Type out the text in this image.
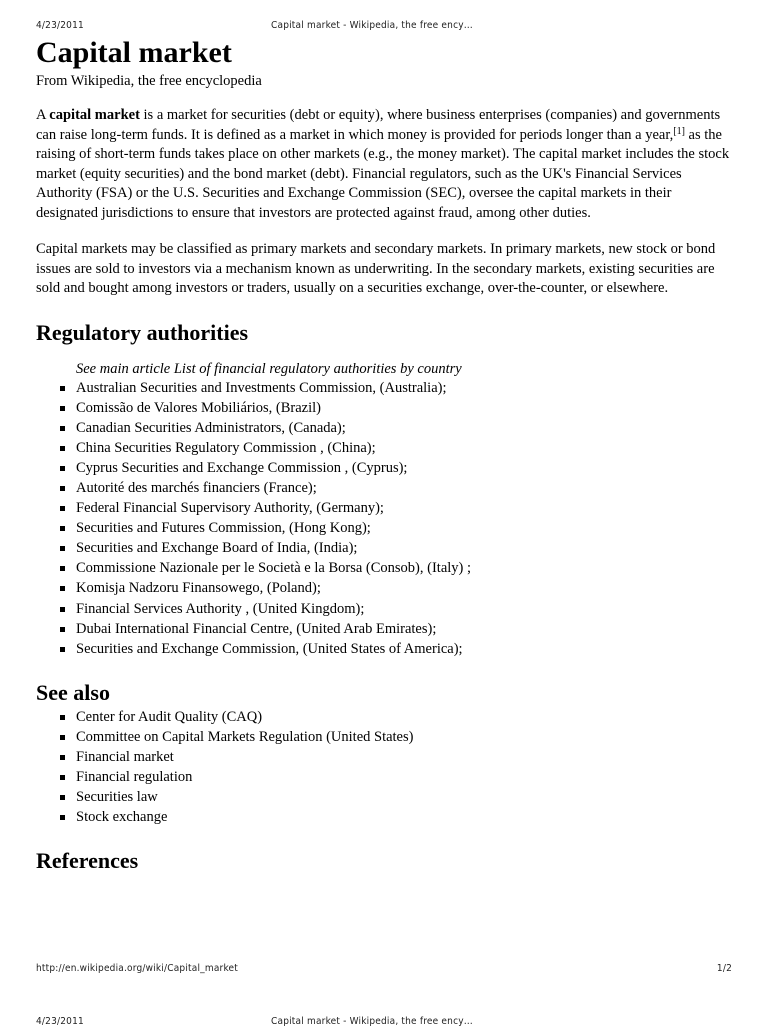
4/23/2011	Capital market - Wikipedia, the free ency…
Capital market
From Wikipedia, the free encyclopedia

A capital market is a market for securities (debt or equity), where business enterprises (companies) and governments can raise long-term funds. It is defined as a market in which money is provided for periods longer than a year,[1] as the raising of short-term funds takes place on other markets (e.g., the money market). The capital market includes the stock market (equity securities) and the bond market (debt). Financial regulators, such as the UK's Financial Services Authority (FSA) or the U.S. Securities and Exchange Commission (SEC), oversee the capital markets in their designated jurisdictions to ensure that investors are protected against fraud, among other duties.

Capital markets may be classified as primary markets and secondary markets. In primary markets, new stock or bond issues are sold to investors via a mechanism known as underwriting. In the secondary markets, existing securities are sold and bought among investors or traders, usually on a securities exchange, over-the-counter, or elsewhere.

Regulatory authorities
See main article List of financial regulatory authorities by country
Australian Securities and Investments Commission, (Australia);
Comissão de Valores Mobiliários, (Brazil)
Canadian Securities Administrators, (Canada);
China Securities Regulatory Commission , (China);
Cyprus Securities and Exchange Commission , (Cyprus);
Autorité des marchés financiers (France);
Federal Financial Supervisory Authority, (Germany);
Securities and Futures Commission, (Hong Kong);
Securities and Exchange Board of India, (India);
Commissione Nazionale per le Società e la Borsa (Consob), (Italy) ;
Komisja Nadzoru Finansowego, (Poland);
Financial Services Authority , (United Kingdom);
Dubai International Financial Centre, (United Arab Emirates);
Securities and Exchange Commission, (United States of America);
See also
Center for Audit Quality (CAQ)
Committee on Capital Markets Regulation (United States)
Financial market
Financial regulation
Securities law
Stock exchange
References
http://en.wikipedia.org/wiki/Capital_market	1/2
4/23/2011	Capital market - Wikipedia, the free ency…
